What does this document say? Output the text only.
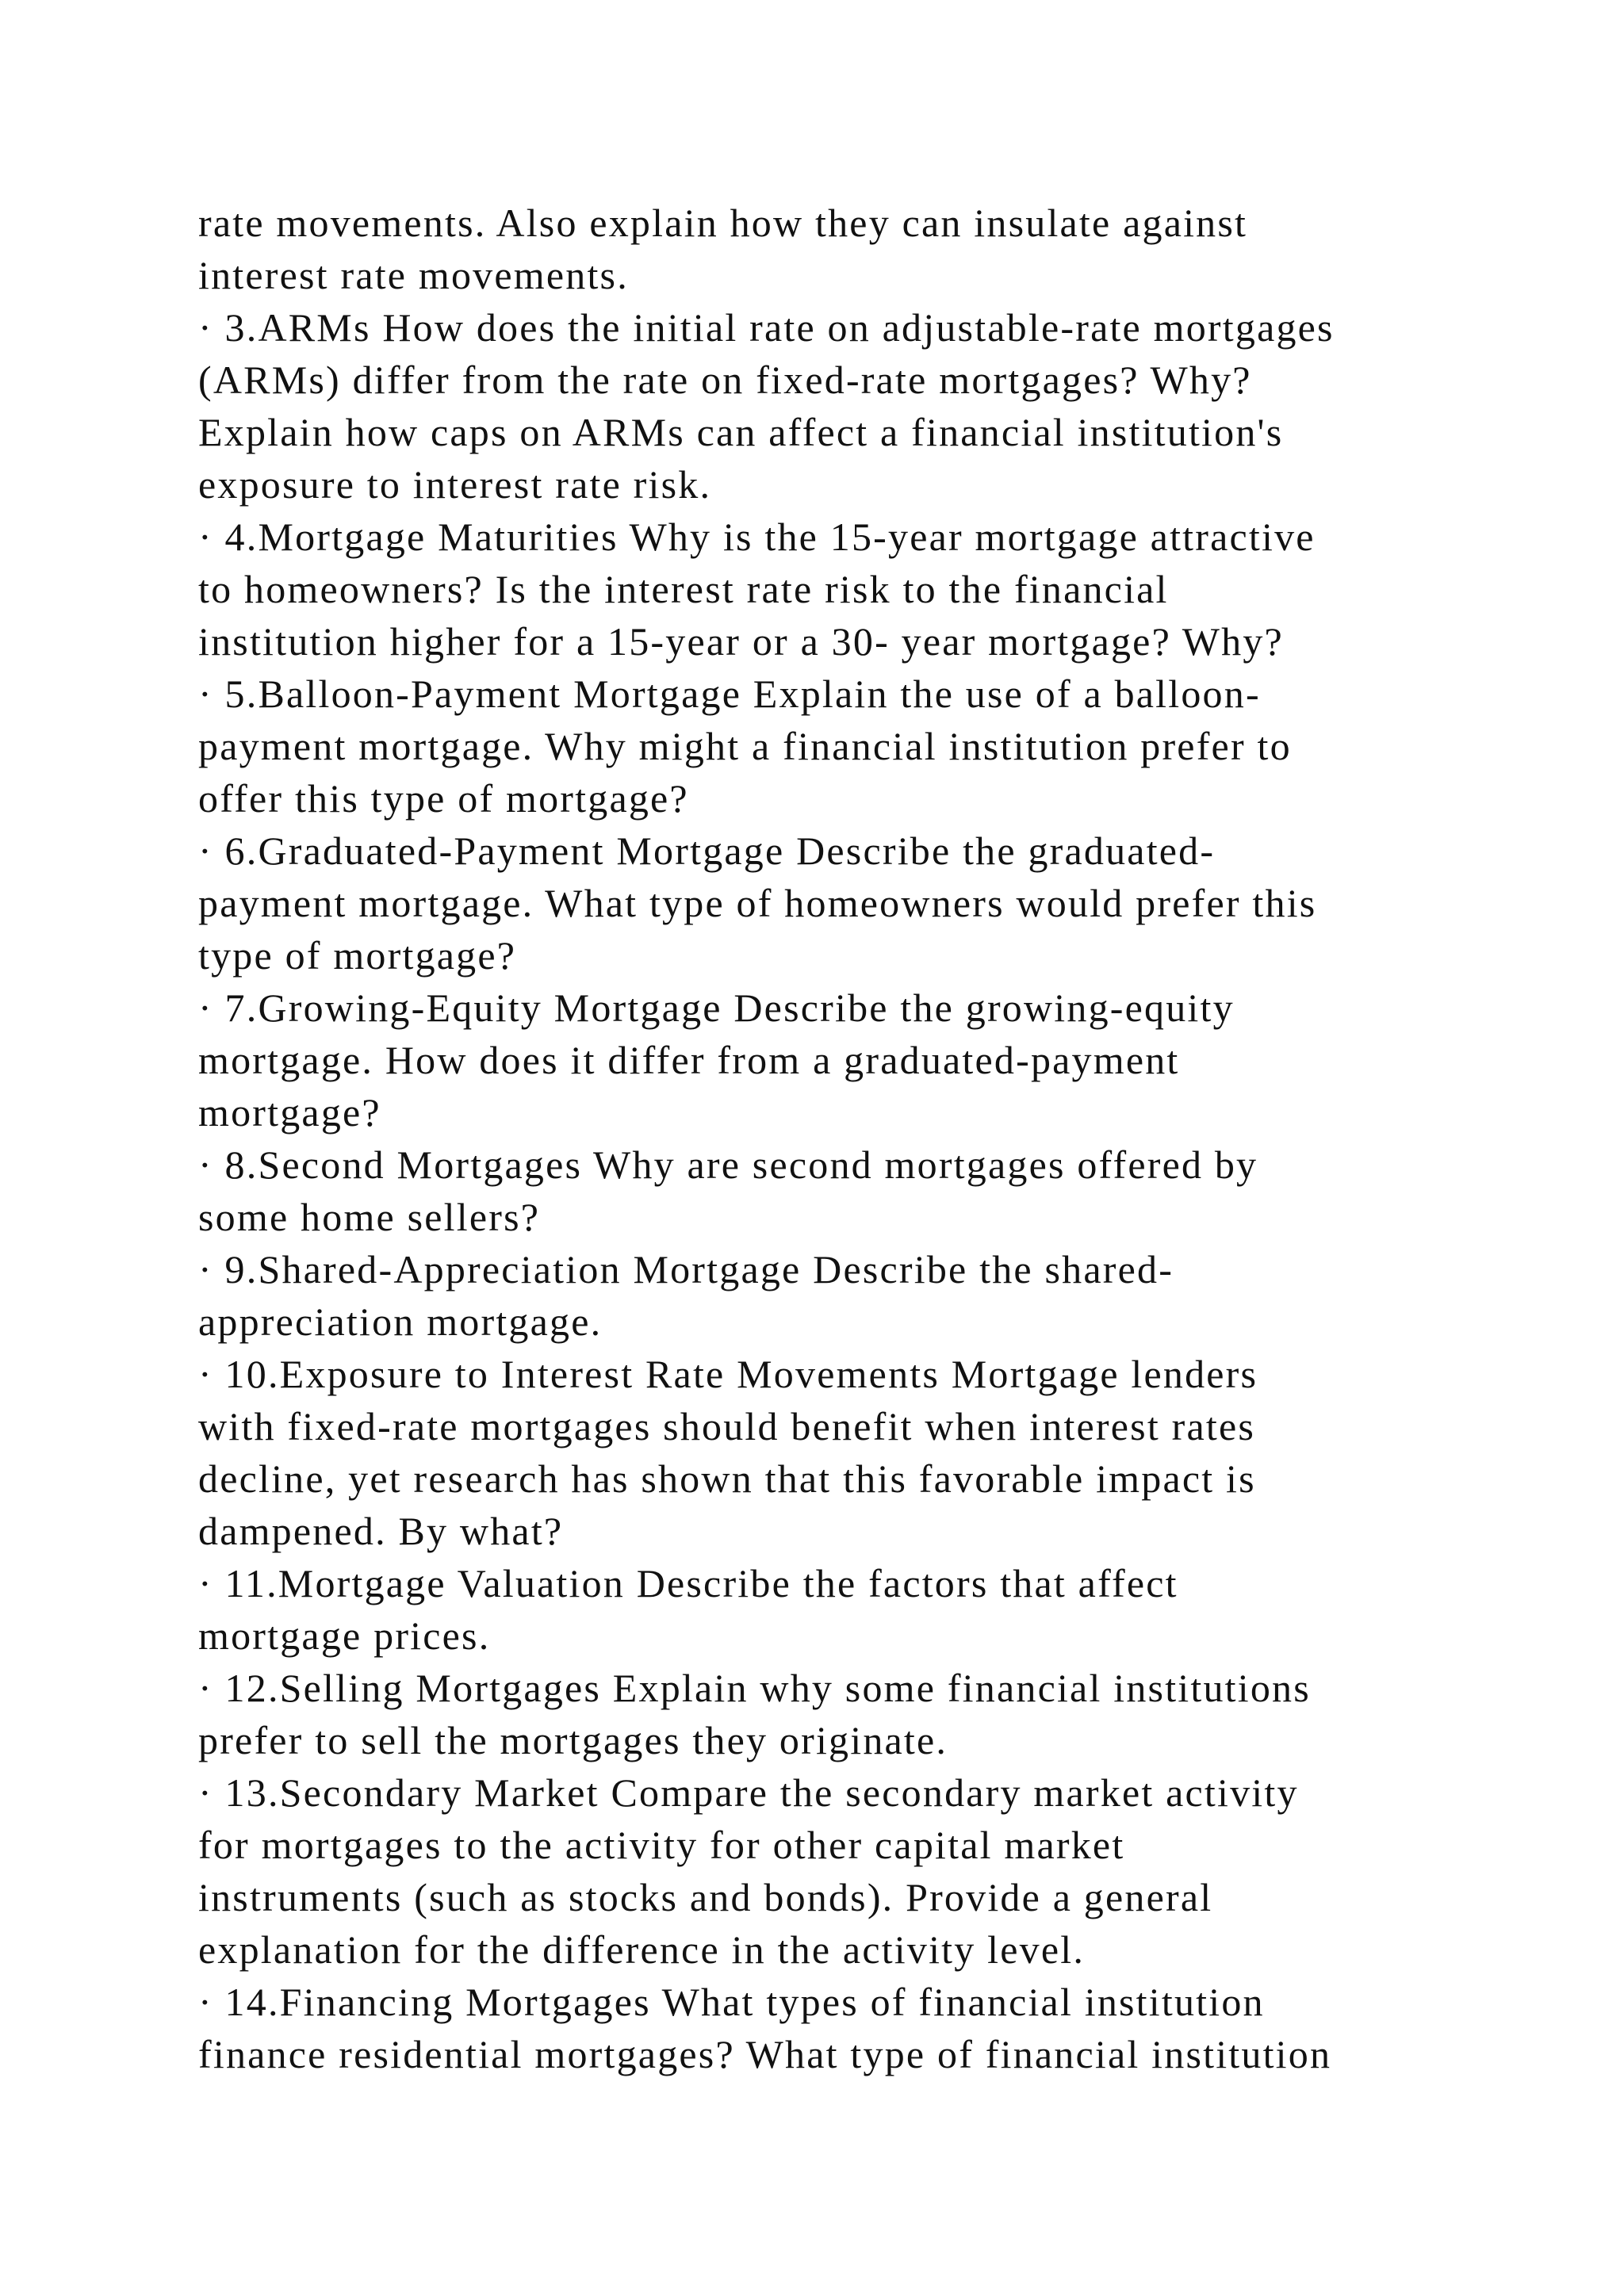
rate movements. Also explain how they can insulate against
interest rate movements.
· 3.ARMs How does the initial rate on adjustable-rate mortgages
(ARMs) differ from the rate on fixed-rate mortgages? Why?
Explain how caps on ARMs can affect a financial institution's
exposure to interest rate risk.
· 4.Mortgage Maturities Why is the 15-year mortgage attractive
to homeowners? Is the interest rate risk to the financial
institution higher for a 15-year or a 30- year mortgage? Why?
· 5.Balloon-Payment Mortgage Explain the use of a balloon-
payment mortgage. Why might a financial institution prefer to
offer this type of mortgage?
· 6.Graduated-Payment Mortgage Describe the graduated-
payment mortgage. What type of homeowners would prefer this
type of mortgage?
· 7.Growing-Equity Mortgage Describe the growing-equity
mortgage. How does it differ from a graduated-payment
mortgage?
· 8.Second Mortgages Why are second mortgages offered by
some home sellers?
· 9.Shared-Appreciation Mortgage Describe the shared-
appreciation mortgage.
· 10.Exposure to Interest Rate Movements Mortgage lenders
with fixed-rate mortgages should benefit when interest rates
decline, yet research has shown that this favorable impact is
dampened. By what?
· 11.Mortgage Valuation Describe the factors that affect
mortgage prices.
· 12.Selling Mortgages Explain why some financial institutions
prefer to sell the mortgages they originate.
· 13.Secondary Market Compare the secondary market activity
for mortgages to the activity for other capital market
instruments (such as stocks and bonds). Provide a general
explanation for the difference in the activity level.
· 14.Financing Mortgages What types of financial institution
finance residential mortgages? What type of financial institution
